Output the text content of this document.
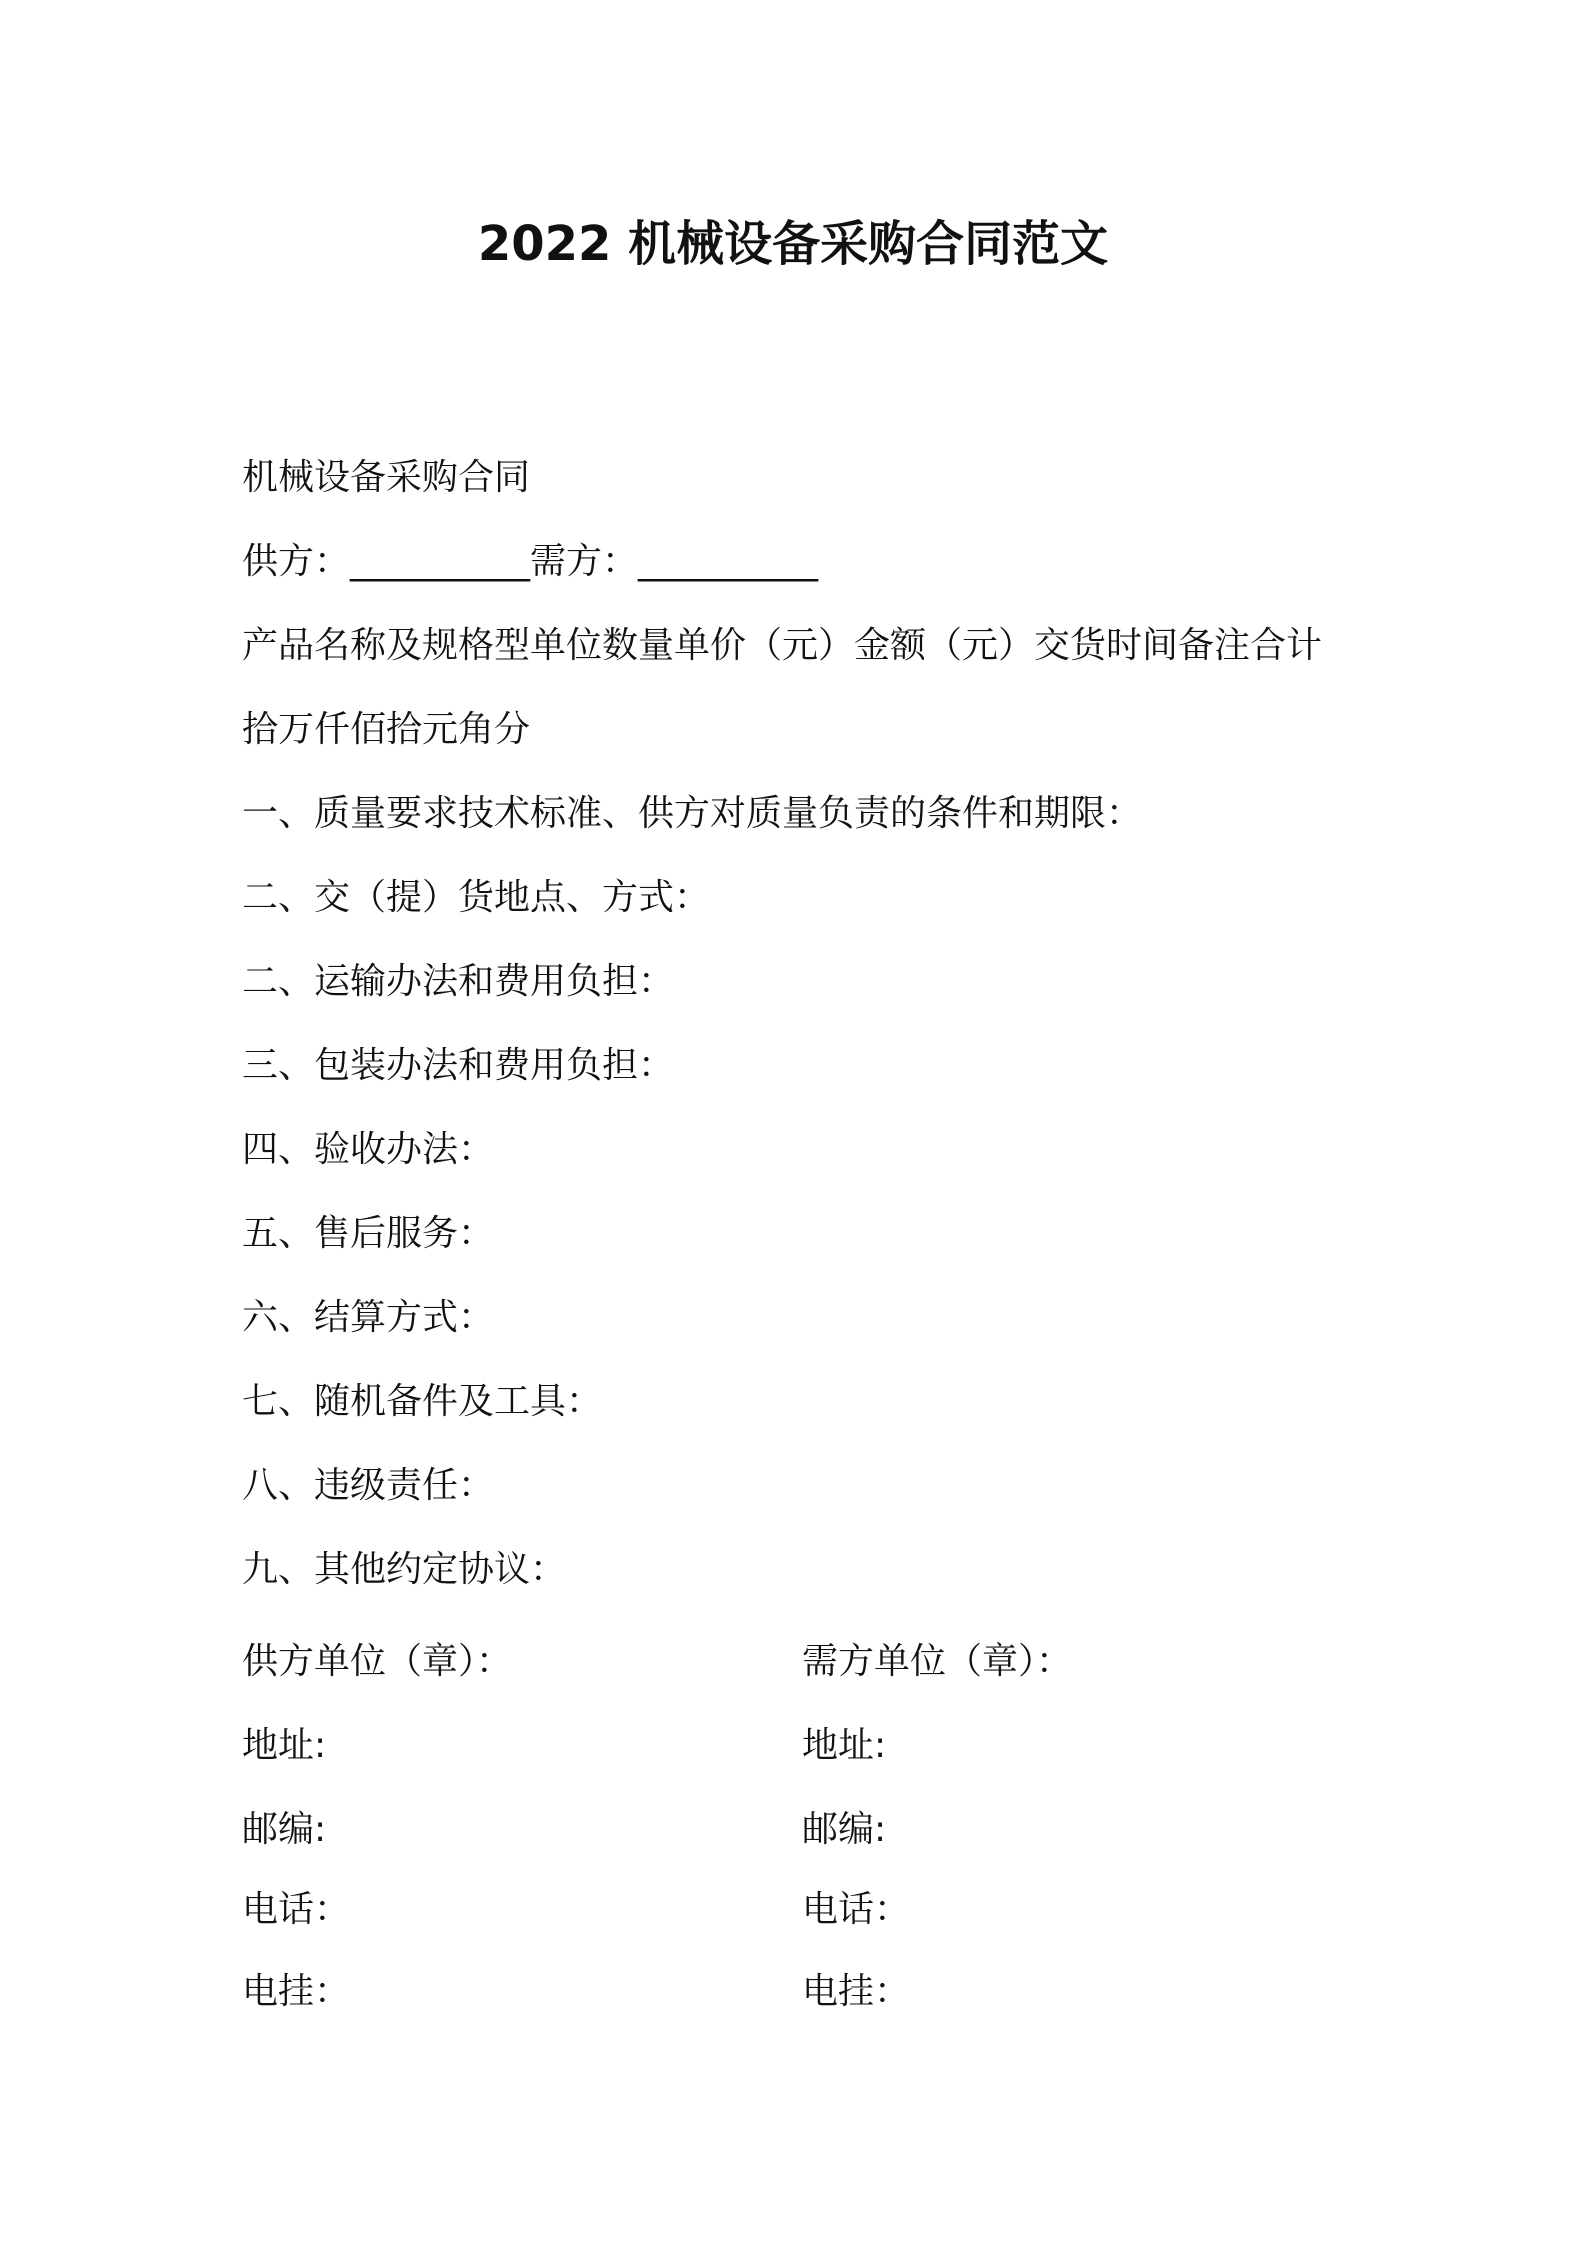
2022 机械设备采购合同范文

机械设备采购合同

供方：__________需方：__________

产品名称及规格型单位数量单价（元）金额（元）交货时间备注合计

拾万仟佰拾元角分

一、质量要求技术标准、供方对质量负责的条件和期限：

二、交（提）货地点、方式：

二、运输办法和费用负担：

三、包装办法和费用负担：

四、验收办法：

五、售后服务：

六、结算方式：

七、随机备件及工具：

八、违级责任：

九、其他约定协议：

供方单位（章）：	需方单位（章）：

地址:	地址:

邮编:	邮编:

电话：	电话：

电挂：	电挂：
